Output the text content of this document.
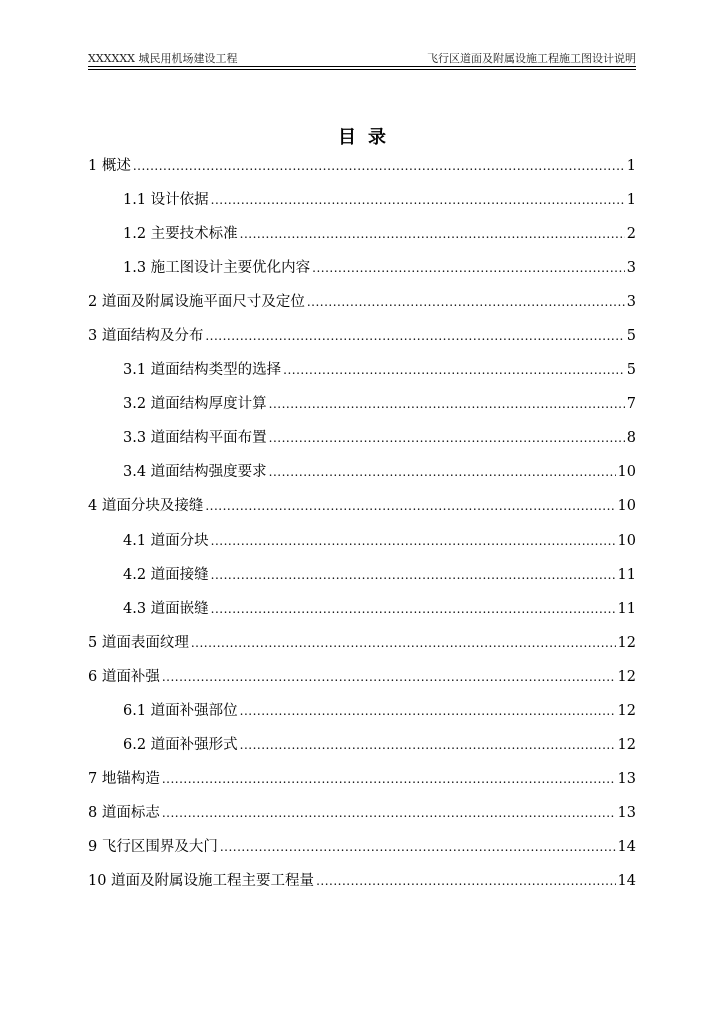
XXXXXX 城民用机场建设工程	飞行区道面及附属设施工程施工图设计说明
目录
1 概述 .....	1
1.1 设计依据 .....	1
1.2 主要技术标准 .....	2
1.3 施工图设计主要优化内容 .....	3
2 道面及附属设施平面尺寸及定位 .....	3
3 道面结构及分布 .....	5
3.1 道面结构类型的选择 .....	5
3.2 道面结构厚度计算 .....	7
3.3 道面结构平面布置 .....	8
3.4 道面结构强度要求 .....	10
4 道面分块及接缝 .....	10
4.1 道面分块 .....	10
4.2 道面接缝 .....	11
4.3 道面嵌缝 .....	11
5 道面表面纹理 .....	12
6 道面补强 .....	12
6.1 道面补强部位 .....	12
6.2 道面补强形式 .....	12
7 地锚构造 .....	13
8 道面标志 .....	13
9 飞行区围界及大门 .....	14
10 道面及附属设施工程主要工程量 .....	14
